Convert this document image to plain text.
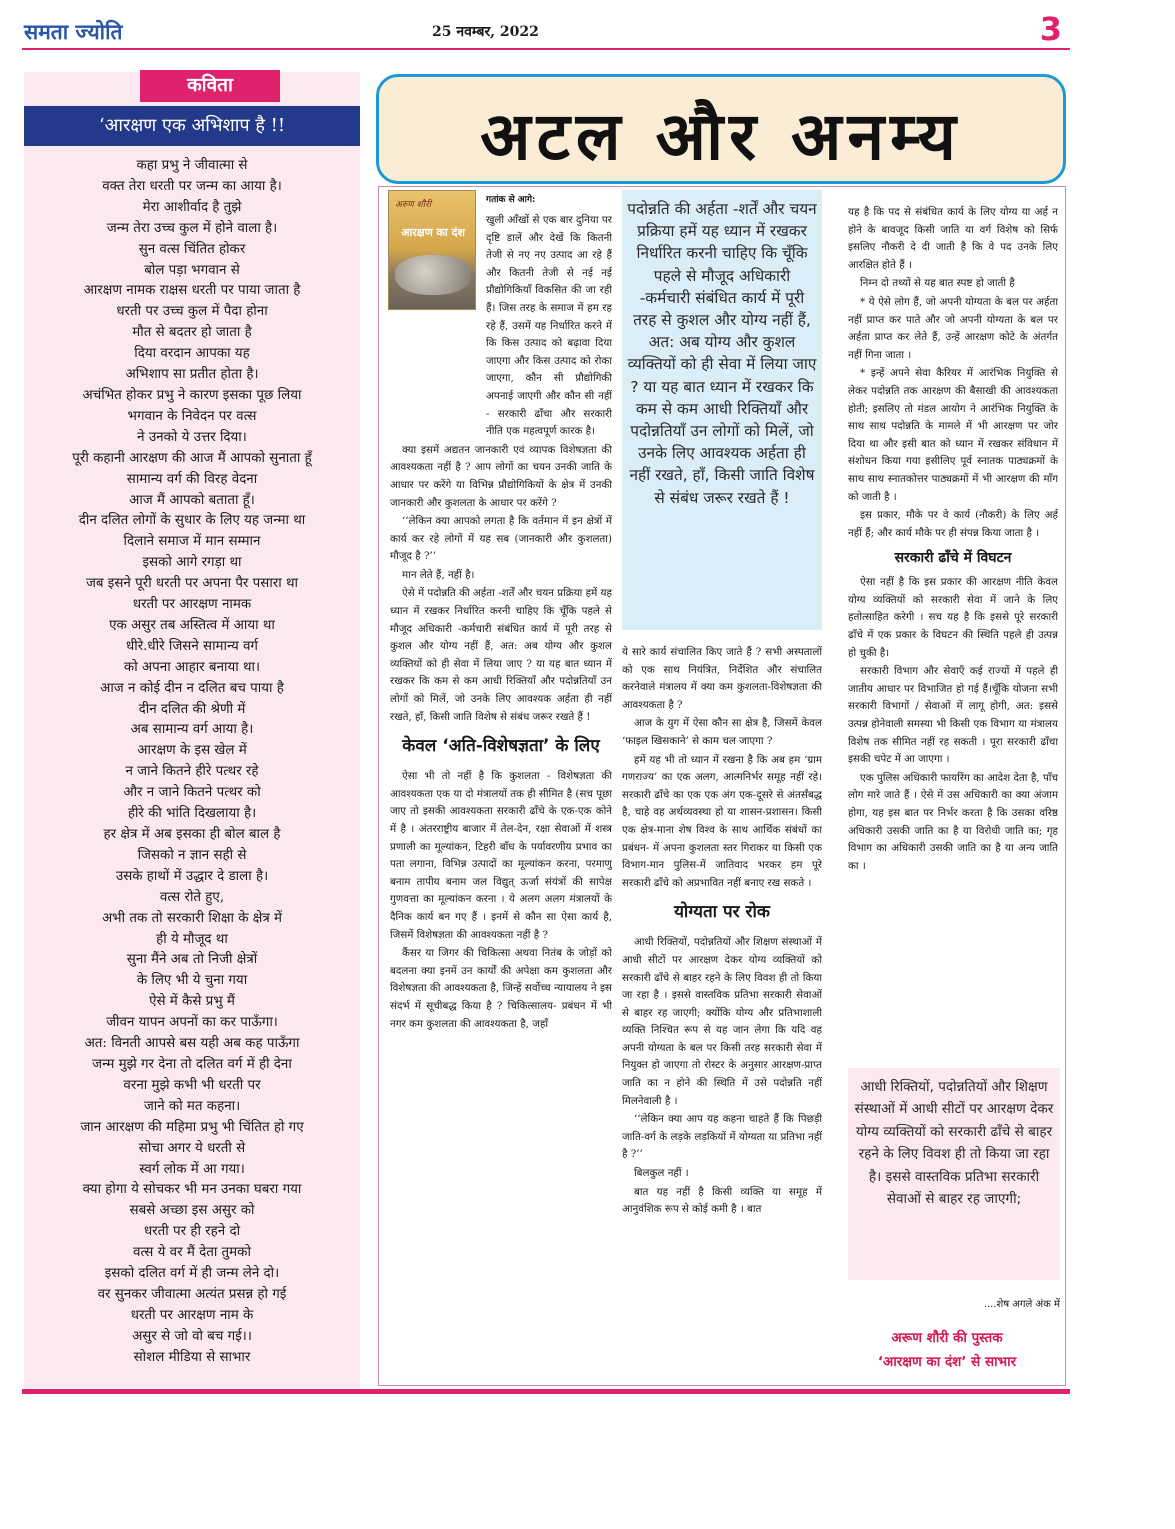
समता ज्योति	25 नवम्बर, 2022	3
कविता
‘आरक्षण एक अभिशाप है !!
कहा प्रभु ने जीवात्मा से
वक्त तेरा धरती पर जन्म का आया है।
मेरा आशीर्वाद है तुझे
जन्म तेरा उच्च कुल में होने वाला है।
सुन वत्स चिंतित होकर
बोल पड़ा भगवान से
आरक्षण नामक राक्षस धरती पर पाया जाता है
धरती पर उच्च कुल में पैदा होना
मौत से बदतर हो जाता है
दिया वरदान आपका यह
अभिशाप सा प्रतीत होता है।
अचंभित होकर प्रभु ने कारण इसका पूछ लिया
भगवान के निवेदन पर वत्स
ने उनको ये उत्तर दिया।
पूरी कहानी आरक्षण की आज मैं आपको सुनाता हूँ
सामान्य वर्ग की विरह वेदना
आज मैं आपको बताता हूँ।
दीन दलित लोगों के सुधार के लिए यह जन्मा था
दिलाने समाज में मान सम्मान
इसको आगे रगड़ा था
जब इसने पूरी धरती पर अपना पैर पसारा था
धरती पर आरक्षण नामक
एक असुर तब अस्तित्व में आया था
धीरे.धीरे जिसने सामान्य वर्ग
को अपना आहार बनाया था।
आज न कोई दीन न दलित बच पाया है
दीन दलित की श्रेणी में
अब सामान्य वर्ग आया है।
आरक्षण के इस खेल में
न जाने कितने हीरे पत्थर रहे
और न जाने कितने पत्थर को
हीरे की भांति दिखलाया है।
हर क्षेत्र में अब इसका ही बोल बाल है
जिसको न ज्ञान सही से
उसके हाथों में उद्धार दे डाला है।
वत्स रोते हुए,
अभी तक तो सरकारी शिक्षा के क्षेत्र में
ही ये मौजूद था
सुना मैंने अब तो निजी क्षेत्रों
के लिए भी ये चुना गया
ऐसे में कैसे प्रभु मैं
जीवन यापन अपनों का कर पाऊँगा।
अत: विनती आपसे बस यही अब कह पाऊँगा
जन्म मुझे गर देना तो दलित वर्ग में ही देना
वरना मुझे कभी भी धरती पर
जाने को मत कहना।
जान आरक्षण की महिमा प्रभु भी चिंतित हो गए
सोचा अगर ये धरती से
स्वर्ग लोक में आ गया।
क्या होगा ये सोचकर भी मन उनका घबरा गया
सबसे अच्छा इस असुर को
धरती पर ही रहने दो
वत्स ये वर मैं देता तुमको
इसको दलित वर्ग में ही जन्म लेने दो।
वर सुनकर जीवात्मा अत्यंत प्रसन्न हो गई
धरती पर आरक्षण नाम के
असुर से जो वो बच गई।।
सोशल मीडिया से साभार
अटल और अनम्य
अरुण शौरी
आरक्षण का दंश
गतांक से आगे:

खुली आँखों से एक बार दुनिया पर दृष्टि डालें और देखें कि कितनी तेजी से नए नए उत्पाद आ रहे हैं और कितनी तेजी से नई नई प्रौद्योगिकियाँ विकसित की जा रही हैं। जिस तरह के समाज में हम रह रहे हैं, उसमें यह निर्धारित करने में कि किस उत्पाद को बढ़ावा दिया जाएगा और किस उत्पाद को रोका जाएगा, कौन सी प्रौद्योगिकी अपनाई जाएगी और कौन सी नहीं - सरकारी ढाँचा और सरकारी नीति एक महत्वपूर्ण कारक है।

क्या इसमें अद्यतन जानकारी एवं व्यापक विशेषज्ञता की आवश्यकता नहीं है ? आप लोगों का चयन उनकी जाति के आधार पर करेंगे या विभिन्न प्रौद्योगिकियों के क्षेत्र में उनकी जानकारी और कुशलता के आधार पर करेंगे ?

‘‘लेकिन क्या आपको लगता है कि वर्तमान में इन क्षेत्रों में कार्य कर रहे लोगों में यह सब (जानकारी और कुशलता) मौजूद है ?’’

मान लेते हैं, नहीं है।

ऐसे में पदोन्नति की अर्हता -शर्तें और चयन प्रक्रिया हमें यह ध्यान में रखकर निर्धारित करनी चाहिए कि चूँकि पहले से मौजूद अधिकारी -कर्मचारी संबंधित कार्य में पूरी तरह से कुशल और योग्य नहीं हैं, अत: अब योग्य और कुशल व्यक्तियों को ही सेवा में लिया जाए ? या यह बात ध्यान में रखकर कि कम से कम आधी रिक्तियाँ और पदोन्नतियाँ उन लोगों को मिलें, जो उनके लिए आवश्यक अर्हता ही नहीं रखते, हाँ, किसी जाति विशेष से संबंध जरूर रखते हैं !

केवल ‘अति-विशेषज्ञता’ के लिए

ऐसा भी तो नहीं है कि कुशलता - विशेषज्ञता की आवश्यकता एक या दो मंत्रालयों तक ही सीमित है (सच पूछा जाए तो इसकी आवश्यकता सरकारी ढाँचे के एक-एक कोने में है । अंतरराष्ट्रीय बाजार में तेल-देन, रक्षा सेवाओं में शस्त्र प्रणाली का मूल्यांकन, टिहरी बाँध के पर्यावरणीय प्रभाव का पता लगाना, विभिन्न उत्पादों का मूल्यांकन करना, परमाणु बनाम तापीय बनाम जल विद्युत् ऊर्जा संयंत्रों की सापेक्ष गुणवत्ता का मूल्यांकन करना । ये अलग अलग मंत्रालयों के दैनिक कार्य बन गए हैं । इनमें से कौन सा ऐसा कार्य है, जिसमें विशेषज्ञता की आवश्यकता नहीं है ?

कैंसर या जिगर की चिकित्सा अथवा नितंब के जोड़ों को बदलना क्या इनमें उन कार्यों की अपेक्षा कम कुशलता और विशेषज्ञता की आवश्यकता है, जिन्हें सर्वोच्च न्यायालय ने इस संदर्भ में सूचीबद्ध किया है ? चिकित्सालय- प्रबंधन में भी नगर कम कुशलता की आवश्यकता है, जहाँ

पदोन्नति की अर्हता -शर्तें और चयन प्रक्रिया हमें यह ध्यान में रखकर निर्धारित करनी चाहिए कि चूँकि पहले से मौजूद अधिकारी -कर्मचारी संबंधित कार्य में पूरी तरह से कुशल और योग्य नहीं हैं, अत: अब योग्य और कुशल व्यक्तियों को ही सेवा में लिया जाए ? या यह बात ध्यान में रखकर कि कम से कम आधी रिक्तियाँ और पदोन्नतियाँ उन लोगों को मिलें, जो उनके लिए आवश्यक अर्हता ही नहीं रखते, हाँ, किसी जाति विशेष से संबंध जरूर रखते हैं !

ये सारे कार्य संचालित किए जाते हैं ? सभी अस्पतालों को एक साथ नियंत्रित, निर्देशित और संचालित करनेवाले मंत्रालय में क्या कम कुशलता-विशेषज्ञता की आवश्यकता है ?

आज के युग में ऐसा कौन सा क्षेत्र है, जिसमें केवल ‘फाइल खिसकाने’ से काम चल जाएगा ?

हमें यह भी तो ध्यान में रखना है कि अब हम ‘ग्राम गणराज्य’ का एक अलग, आत्मनिर्भर समूह नहीं रहे। सरकारी ढाँचे का एक एक अंग एक-दूसरे से अंतर्संबद्ध है, चाहे वह अर्थव्यवस्था हो या शासन-प्रशासन। किसी एक क्षेत्र-माना शेष विश्व के साथ आर्थिक संबंधों का प्रबंधन- में अपना कुशलता स्तर गिराकर या किसी एक विभाग-मान पुलिस-में जातिवाद भरकर हम पूरे सरकारी ढाँचे को अप्रभावित नहीं बनाए रख सकते ।

योग्यता पर रोक

आधी रिक्तियों, पदोन्नतियों और शिक्षण संस्थाओं में आधी सीटों पर आरक्षण देकर योग्य व्यक्तियों को सरकारी ढाँचे से बाहर रहने के लिए विवश ही तो किया जा रहा है । इससे वास्तविक प्रतिभा सरकारी सेवाओं से बाहर रह जाएगी; क्योंकि योग्य और प्रतिभाशाली व्यक्ति निश्चित रूप से यह जान लेगा कि यदि वह अपनी योग्यता के बल पर किसी तरह सरकारी सेवा में नियुक्त हो जाएगा तो रोस्टर के अनुसार आरक्षण-प्राप्त जाति का न होने की स्थिति में उसे पदोन्नति नहीं मिलनेवाली है ।

‘‘लेकिन क्या आप यह कहना चाहते हैं कि पिछड़ी जाति-वर्ग के लड़के लड़कियों में योग्यता या प्रतिभा नहीं है ?’’

बिलकुल नहीं ।

बात यह नहीं है किसी व्यक्ति या समूह में आनुवंशिक रूप से कोई कमी है । बात

यह है कि पद से संबंधित कार्य के लिए योग्य या अर्ह न होने के बावजूद किसी जाति या वर्ग विशेष को सिर्फ इसलिए नौकरी दे दी जाती है कि वे पद उनके लिए आरक्षित होते हैं ।

निम्न दो तथ्यों से यह बात स्पष्ट हो जाती है

* ये ऐसे लोग हैं, जो अपनी योग्यता के बल पर अर्हता नहीं प्राप्त कर पाते और जो अपनी योग्यता के बल पर अर्हता प्राप्त कर लेते हैं, उन्हें आरक्षण कोटे के अंतर्गत नहीं गिना जाता ।

* इन्हें अपने सेवा कैरियर में आरंभिक नियुक्ति से लेकर पदोन्नति तक आरक्षण की बैसाखी की आवश्यकता होती; इसलिए तो मंडल आयोग ने आरंभिक नियुक्ति के साथ साथ पदोन्नति के मामले में भी आरक्षण पर जोर दिया था और इसी बात को ध्यान में रखकर संविधान में संशोधन किया गया इसीलिए पूर्व स्नातक पाठ्यक्रमों के साथ साथ स्नातकोत्तर पाठ्यक्रमों में भी आरक्षण की माँग को जाती है ।

इस प्रकार, मौके पर वे कार्य (नौकरी) के लिए अर्ह नहीं हैं; और कार्य मौके पर ही संपन्न किया जाता है ।

सरकारी ढाँचे में विघटन

ऐसा नहीं है कि इस प्रकार की आरक्षण नीति केवल योग्य व्यक्तियों को सरकारी सेवा में जाने के लिए हतोत्साहित करेगी । सच यह है कि इससे पूरे सरकारी ढाँचे में एक प्रकार के विघटन की स्थिति पहले ही उत्पन्न हो चुकी है।

सरकारी विभाग और सेवाएँ कई राज्यों में पहले ही जातीय आधार पर विभाजित हो गई हैं।चूँकि योजना सभी सरकारी विभागों / सेवाओं में लागू होगी, अत: इससे उत्पन्न होनेवाली समस्या भी किसी एक विभाग या मंत्रालय विशेष तक सीमित नहीं रह सकती । पूरा सरकारी ढाँचा इसकी चपेट में आ जाएगा ।

एक पुलिस अधिकारी फायरिंग का आदेश देता है, पाँच लोग मारे जाते हैं । ऐसे में उस अधिकारी का क्या अंजाम होगा, यह इस बात पर निर्भर करता है कि उसका वरिष्ठ अधिकारी उसकी जाति का है या विरोधी जाति का; गृह विभाग का अधिकारी उसकी जाति का है या अन्य जाति का ।

आधी रिक्तियों, पदोन्नतियों और शिक्षण संस्थाओं में आधी सीटों पर आरक्षण देकर योग्य व्यक्तियों को सरकारी ढाँचे से बाहर रहने के लिए विवश ही तो किया जा रहा है। इससे वास्तविक प्रतिभा सरकारी सेवाओं से बाहर रह जाएगी;
....शेष अगले अंक में
अरूण शौरी की पुस्तक
‘आरक्षण का दंश’ से साभार
